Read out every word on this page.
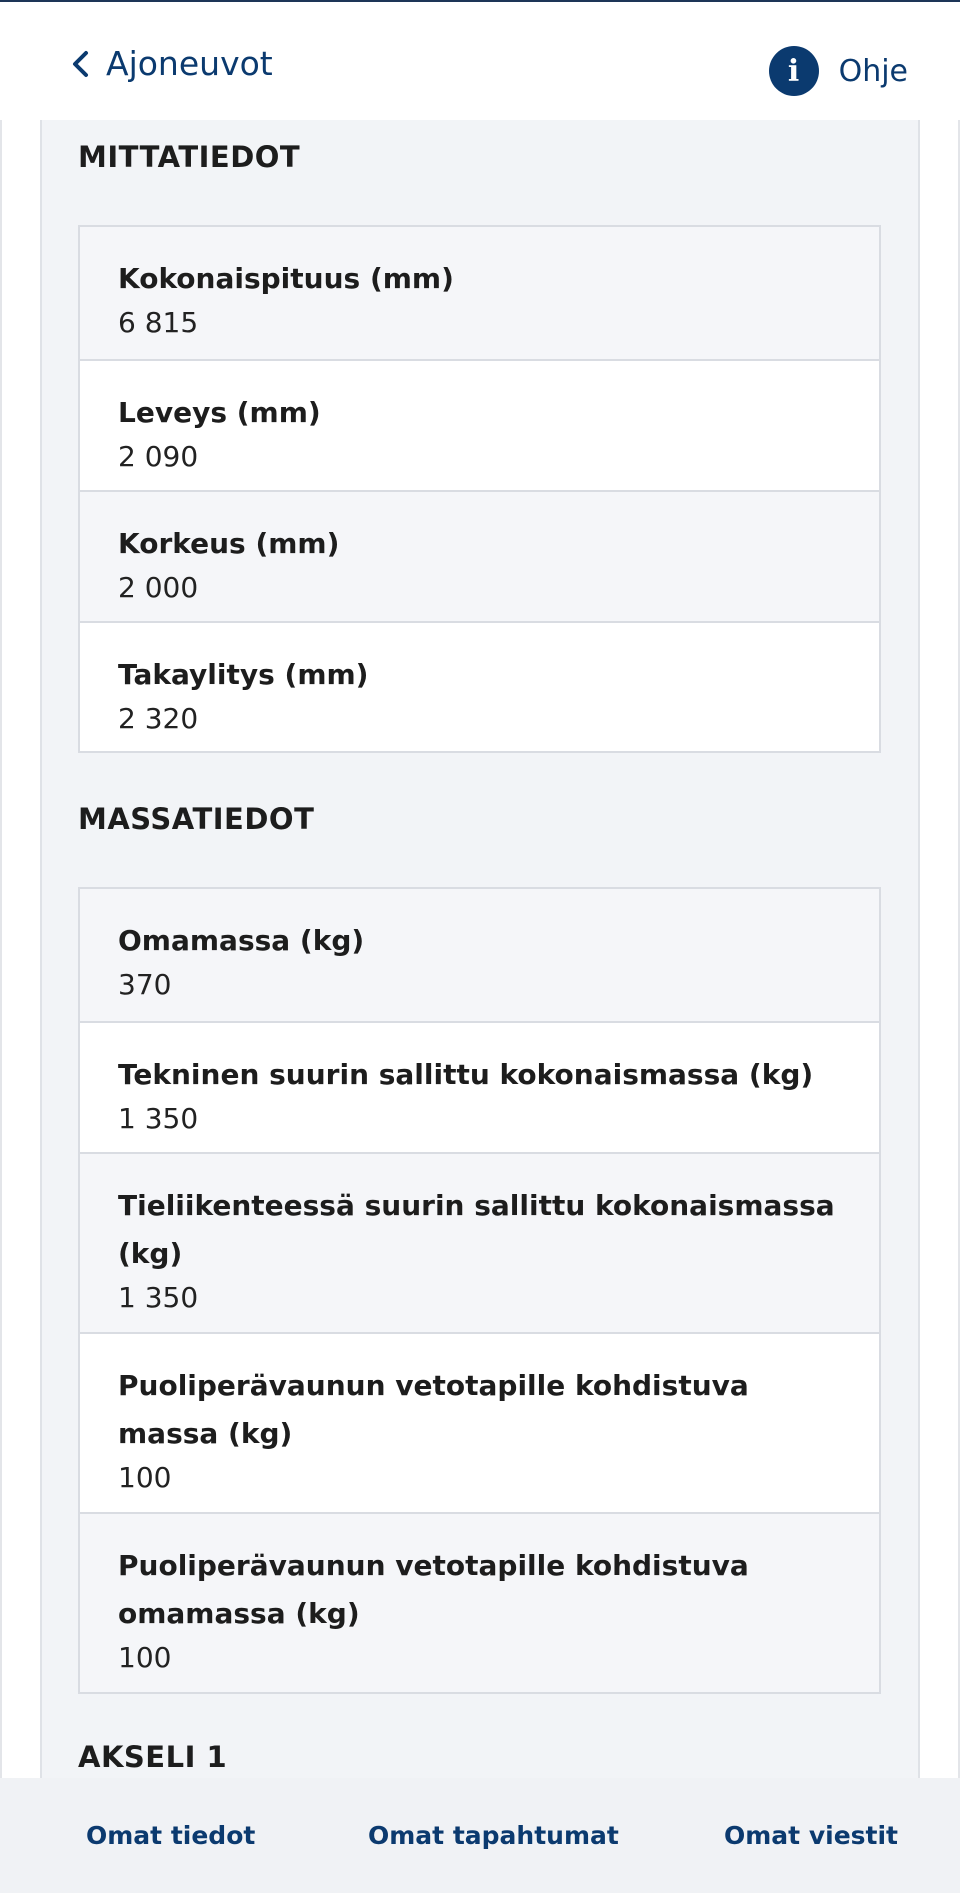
Ajoneuvot	i	Ohje
MITTATIEDOT
Kokonaispituus (mm)
6 815
Leveys (mm)
2 090
Korkeus (mm)
2 000
Takaylitys (mm)
2 320
MASSATIEDOT
Omamassa (kg)
370
Tekninen suurin sallittu kokonaismassa (kg)
1 350
Tieliikenteessä suurin sallittu kokonaismassa (kg)
1 350
Puoliperävaunun vetotapille kohdistuva massa (kg)
100
Puoliperävaunun vetotapille kohdistuva omamassa (kg)
100
AKSELI 1
Omat tiedot	Omat tapahtumat	Omat viestit
